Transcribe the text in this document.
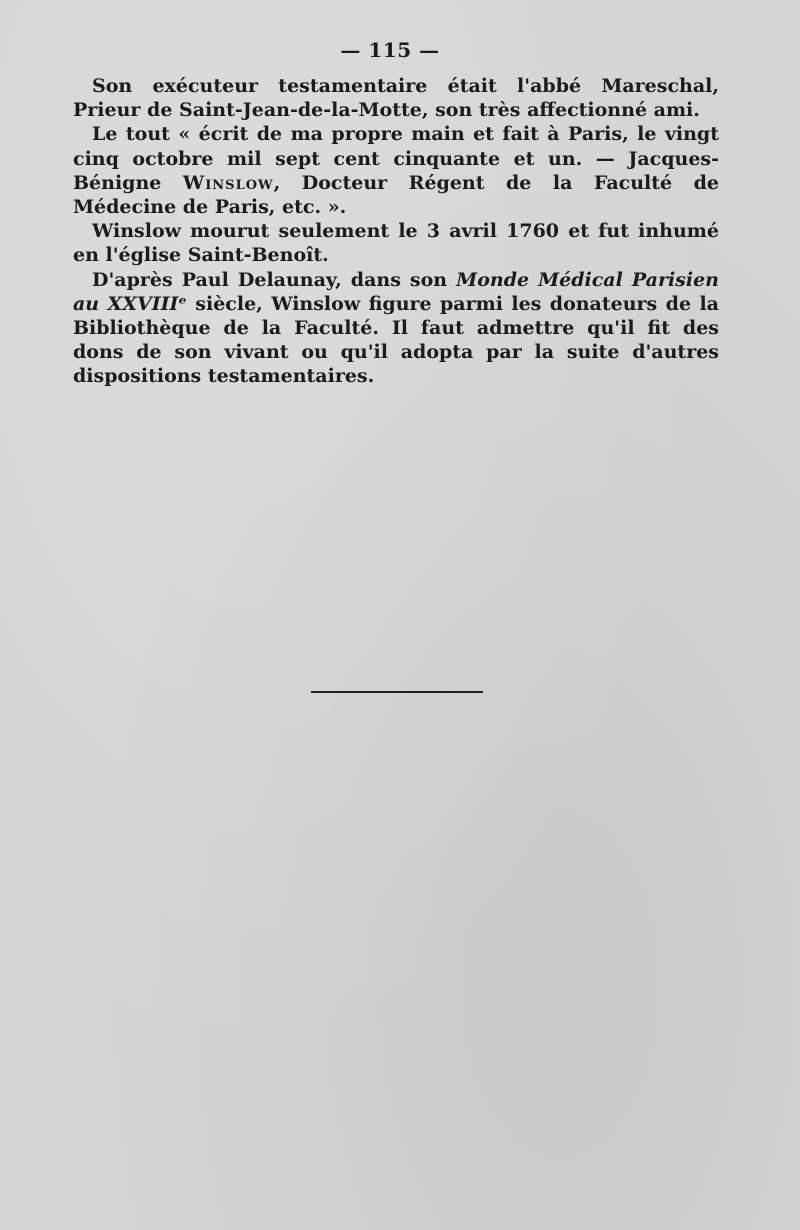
— 115 —

Son exécuteur testamentaire était l'abbé Mareschal, Prieur de Saint-Jean-de-la-Motte, son très affectionné ami.

Le tout « écrit de ma propre main et fait à Paris, le vingt cinq octobre mil sept cent cinquante et un. — Jacques-Bénigne Winslow, Docteur Régent de la Faculté de Médecine de Paris, etc. ».

Winslow mourut seulement le 3 avril 1760 et fut inhumé en l'église Saint-Benoît.

D'après Paul Delaunay, dans son Monde Médical Parisien au XXVIIIᵉ siècle, Winslow figure parmi les donateurs de la Bibliothèque de la Faculté. Il faut admettre qu'il fit des dons de son vivant ou qu'il adopta par la suite d'autres dispositions testamentaires.
